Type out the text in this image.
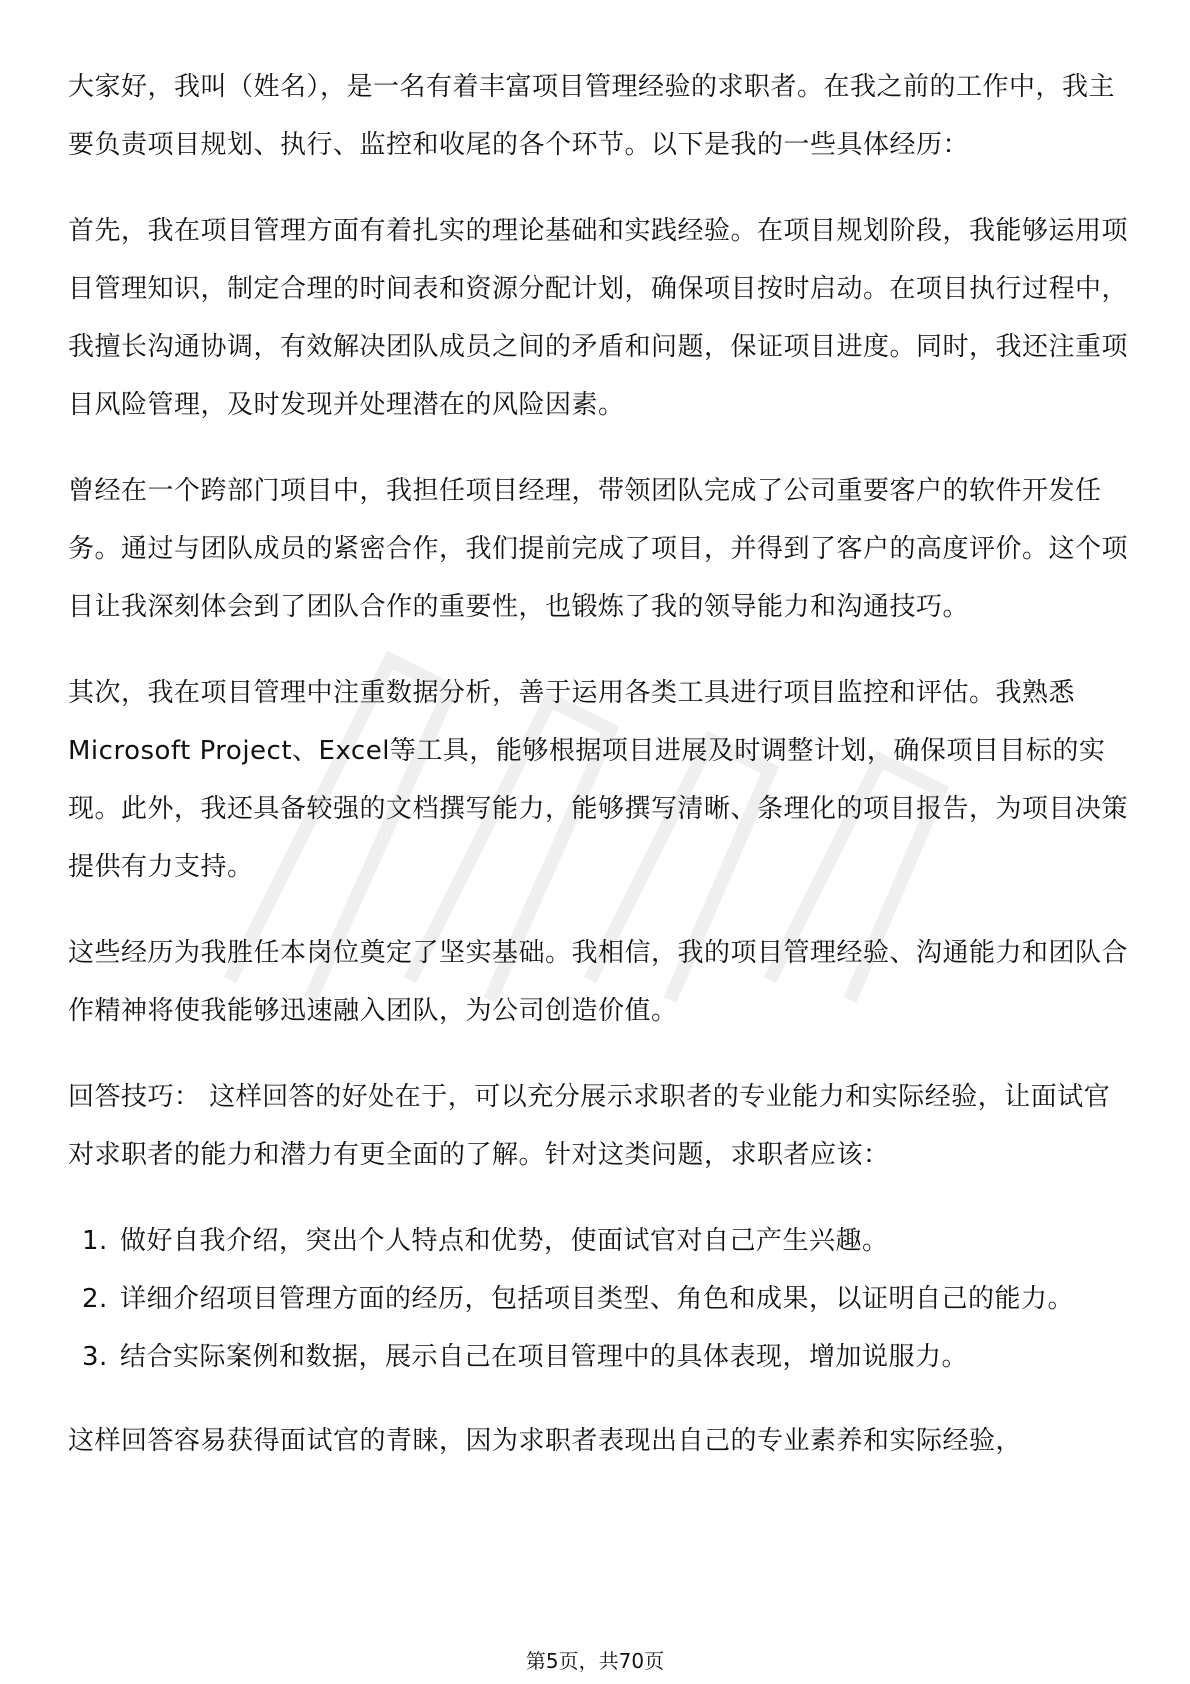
大家好，我叫（姓名），是一名有着丰富项目管理经验的求职者。在我之前的工作中，我主要负责项目规划、执行、监控和收尾的各个环节。以下是我的一些具体经历：

首先，我在项目管理方面有着扎实的理论基础和实践经验。在项目规划阶段，我能够运用项目管理知识，制定合理的时间表和资源分配计划，确保项目按时启动。在项目执行过程中，我擅长沟通协调，有效解决团队成员之间的矛盾和问题，保证项目进度。同时，我还注重项目风险管理，及时发现并处理潜在的风险因素。

曾经在一个跨部门项目中，我担任项目经理，带领团队完成了公司重要客户的软件开发任务。通过与团队成员的紧密合作，我们提前完成了项目，并得到了客户的高度评价。这个项目让我深刻体会到了团队合作的重要性，也锻炼了我的领导能力和沟通技巧。

其次，我在项目管理中注重数据分析，善于运用各类工具进行项目监控和评估。我熟悉Microsoft Project、Excel等工具，能够根据项目进展及时调整计划，确保项目目标的实现。此外，我还具备较强的文档撰写能力，能够撰写清晰、条理化的项目报告，为项目决策提供有力支持。

这些经历为我胜任本岗位奠定了坚实基础。我相信，我的项目管理经验、沟通能力和团队合作精神将使我能够迅速融入团队，为公司创造价值。

回答技巧： 这样回答的好处在于，可以充分展示求职者的专业能力和实际经验，让面试官对求职者的能力和潜力有更全面的了解。针对这类问题，求职者应该：

1. 做好自我介绍，突出个人特点和优势，使面试官对自己产生兴趣。
2. 详细介绍项目管理方面的经历，包括项目类型、角色和成果，以证明自己的能力。
3. 结合实际案例和数据，展示自己在项目管理中的具体表现，增加说服力。

这样回答容易获得面试官的青睐，因为求职者表现出自己的专业素养和实际经验，

第5页，共70页
